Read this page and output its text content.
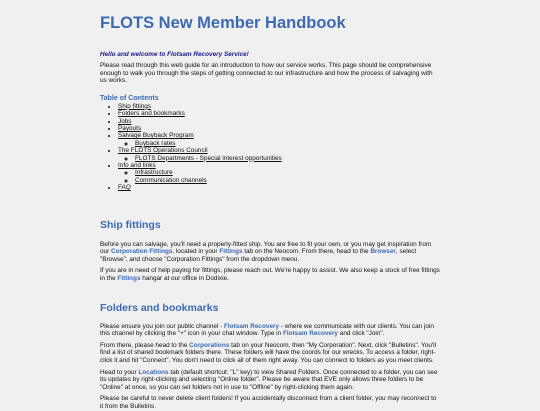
FLOTS New Member Handbook
Hello and welcome to Flotsam Recovery Service!

Please read through this web guide for an introduction to how our service works. This page should be comprehensive enough to walk you through the steps of getting connected to our infrastructure and how the process of salvaging with us works.

Table of Contents
• Ship fittings
• Folders and bookmarks
• Jobs
• Payouts
• Salvage Buyback Program
◦ Buyback rates
• The FLOTS Operations Council
◦ FLOTS Departments - Special interest opportunities
• Info and links
◦ Infrastructure
◦ Communication channels
• FAQ
Ship fittings

Before you can salvage, you'll need a properly-fitted ship. You are free to fit your own, or you may get inspiration from our Corporation Fittings, located in your Fittings tab on the Neocom. From there, head to the Browser, select "Browse", and choose "Corporation Fittings" from the dropdown menu.

If you are in need of help paying for fittings, please reach out. We're happy to assist. We also keep a stock of free fittings in the Fittings hangar at our office in Dodixie.

Folders and bookmarks

Please ensure you join our public channel - Flotsam Recovery - where we communicate with our clients. You can join this channel by clicking the "+" icon in your chat window. Type in Flotsam Recovery and click "Join".

From there, please head to the Corporations tab on your Neocom, then "My Corporation". Next, click "Bulletins". You'll find a list of shared bookmark folders there. These folders will have the coords for our wrecks. To access a folder, right-click it and hit "Connect". You don't need to click all of them right away. You can connect to folders as you meet clients.

Head to your Locations tab (default shortcut: "L" key) to view Shared Folders. Once connected to a folder, you can see its updates by right-clicking and selecting "Online folder". Please be aware that EVE only allows three folders to be "Online" at once, so you can set folders not in use to "Offline" by right-clicking them again.

Please be careful to never delete client folders! If you accidentally disconnect from a client folder, you may reconnect to it from the Bulletins.
